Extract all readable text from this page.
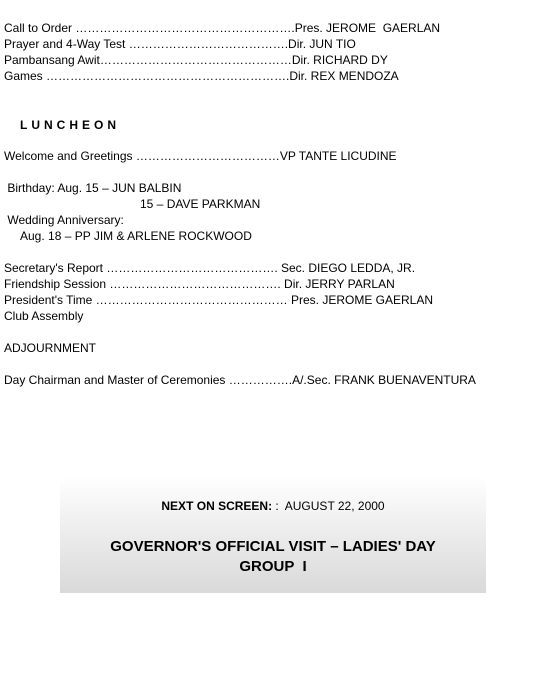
Call to Order ……………………………………………….Pres. JEROME  GAERLAN
Prayer and 4-Way Test ………………………………….Dir. JUN TIO
Pambansang Awit…………………………………………Dir. RICHARD DY
Games …………………………………………………….Dir. REX MENDOZA
LUNCHEON
Welcome and Greetings ………………………………VP TANTE LICUDINE
Birthday: Aug. 15 – JUN BALBIN
15 – DAVE PARKMAN
Wedding Anniversary:
Aug. 18 – PP JIM & ARLENE ROCKWOOD
Secretary's Report ……………………………………. Sec. DIEGO LEDDA, JR.
Friendship Session ……………………………………. Dir. JERRY PARLAN
President's Time ………………………………………… Pres. JEROME GAERLAN
Club Assembly
ADJOURNMENT
Day Chairman and Master of Ceremonies …………….A/.Sec. FRANK BUENAVENTURA
NEXT ON SCREEN: :  AUGUST 22, 2000
GOVERNOR'S OFFICIAL VISIT – LADIES' DAY
GROUP  I
